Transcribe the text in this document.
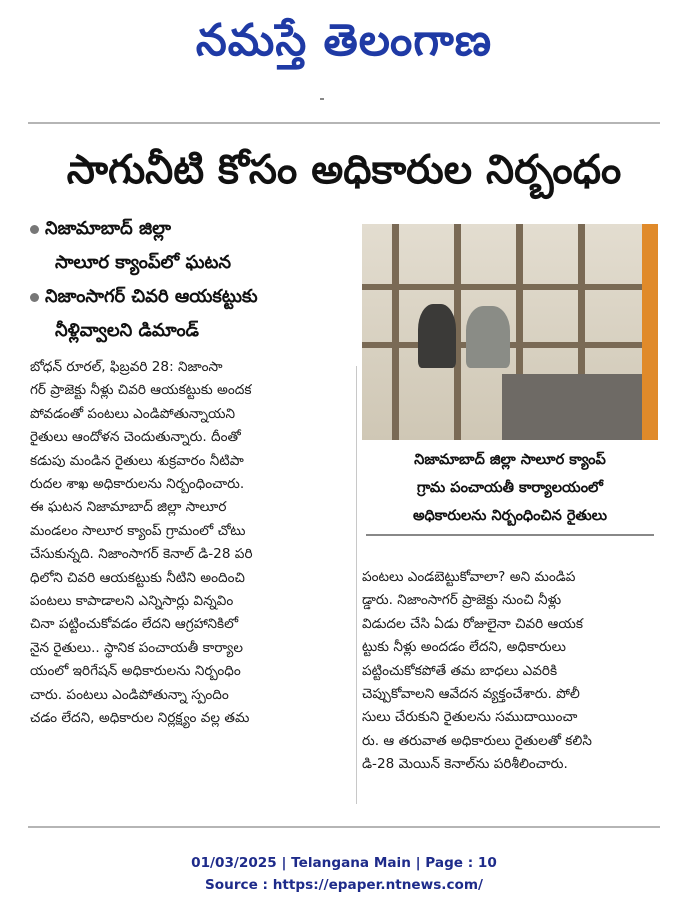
నమస్తే తెలంగాణ
సాగునీటి కోసం అధికారుల నిర్బంధం
నిజామాబాద్ జిల్లా
సాలూర క్యాంప్‌లో ఘటన
నిజాంసాగర్ చివరి ఆయకట్టుకు
నీళ్లివ్వాలని డిమాండ్
బోధన్ రూరల్, ఫిబ్రవరి 28: నిజాంసా
గర్ ప్రాజెక్టు నీళ్లు చివరి ఆయకట్టుకు అందక
పోవడంతో పంటలు ఎండిపోతున్నాయని
రైతులు ఆందోళన చెందుతున్నారు. దీంతో
కడుపు మండిన రైతులు శుక్రవారం నీటిపా
రుదల శాఖ అధికారులను నిర్బంధించారు.
ఈ ఘటన నిజామాబాద్ జిల్లా సాలూర
మండలం సాలూర క్యాంప్ గ్రామంలో చోటు
చేసుకున్నది. నిజాంసాగర్ కెనాల్ డి-28 పరి
ధిలోని చివరి ఆయకట్టుకు నీటిని అందించి
పంటలు కాపాడాలని ఎన్నిసార్లు విన్నవిం
చినా పట్టించుకోవడం లేదని ఆగ్రహానికిలో
నైన రైతులు.. స్థానిక పంచాయతీ కార్యాల
యంలో ఇరిగేషన్ అధికారులను నిర్బంధిం
చారు. పంటలు ఎండిపోతున్నా స్పందిం
చడం లేదని, అధికారుల నిర్లక్ష్యం వల్ల తమ
నిజామాబాద్ జిల్లా సాలూర క్యాంప్
గ్రామ పంచాయతీ కార్యాలయంలో
అధికారులను నిర్బంధించిన రైతులు
పంటలు ఎండబెట్టుకోవాలా? అని మండిప
డ్డారు. నిజాంసాగర్ ప్రాజెక్టు నుంచి నీళ్లు
విడుదల చేసి ఏడు రోజులైనా చివరి ఆయక
ట్టుకు నీళ్లు అందడం లేదని, అధికారులు
పట్టించుకోకపోతే తమ బాధలు ఎవరికి
చెప్పుకోవాలని ఆవేదన వ్యక్తంచేశారు. పోలీ
సులు చేరుకుని రైతులను సముదాయించా
రు. ఆ తరువాత అధికారులు రైతులతో కలిసి
డి-28 మెయిన్ కెనాల్‌ను పరిశీలించారు.
01/03/2025 | Telangana Main | Page : 10
Source : https://epaper.ntnews.com/
